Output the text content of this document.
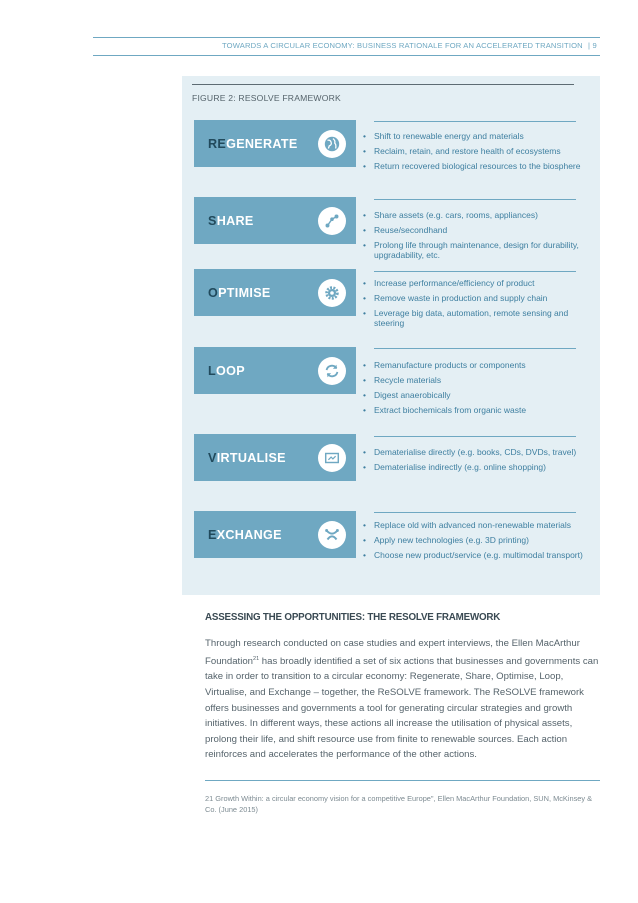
TOWARDS A CIRCULAR ECONOMY: BUSINESS RATIONALE FOR AN ACCELERATED TRANSITION | 9
FIGURE 2: RESOLVE FRAMEWORK
REGENERATE
• Shift to renewable energy and materials
• Reclaim, retain, and restore health of ecosystems
• Return recovered biological resources to the biosphere
SHARE	• Share assets (e.g. cars, rooms, appliances)
• Reuse/secondhand
• Prolong life through maintenance, design for durability, upgradability, etc.
OPTIMISE
• Increase performance/efficiency of product
• Remove waste in production and supply chain
• Leverage big data, automation, remote sensing and steering
LOOP	• Remanufacture products or components
• Recycle materials
• Digest anaerobically
• Extract biochemicals from organic waste
VIRTUALISE	• Dematerialise directly (e.g. books, CDs, DVDs, travel)
• Dematerialise indirectly (e.g. online shopping)
EXCHANGE
• Replace old with advanced non-renewable materials
• Apply new technologies (e.g. 3D printing)
• Choose new product/service (e.g. multimodal transport)
ASSESSING THE OPPORTUNITIES: THE RESOLVE FRAMEWORK
Through research conducted on case studies and expert interviews, the Ellen MacArthur Foundation$^{21}$ has broadly identified a set of six actions that businesses and governments can take in order to transition to a circular economy: Regenerate, Share, Optimise, Loop, Virtualise, and Exchange – together, the ReSOLVE framework. The ReSOLVE framework offers businesses and governments a tool for generating circular strategies and growth initiatives. In different ways, these actions all increase the utilisation of physical assets, prolong their life, and shift resource use from finite to renewable sources. Each action reinforces and accelerates the performance of the other actions.
21 Growth Within: a circular economy vision for a competitive Europe", Ellen MacArthur Foundation, SUN, McKinsey & Co. (June 2015)
